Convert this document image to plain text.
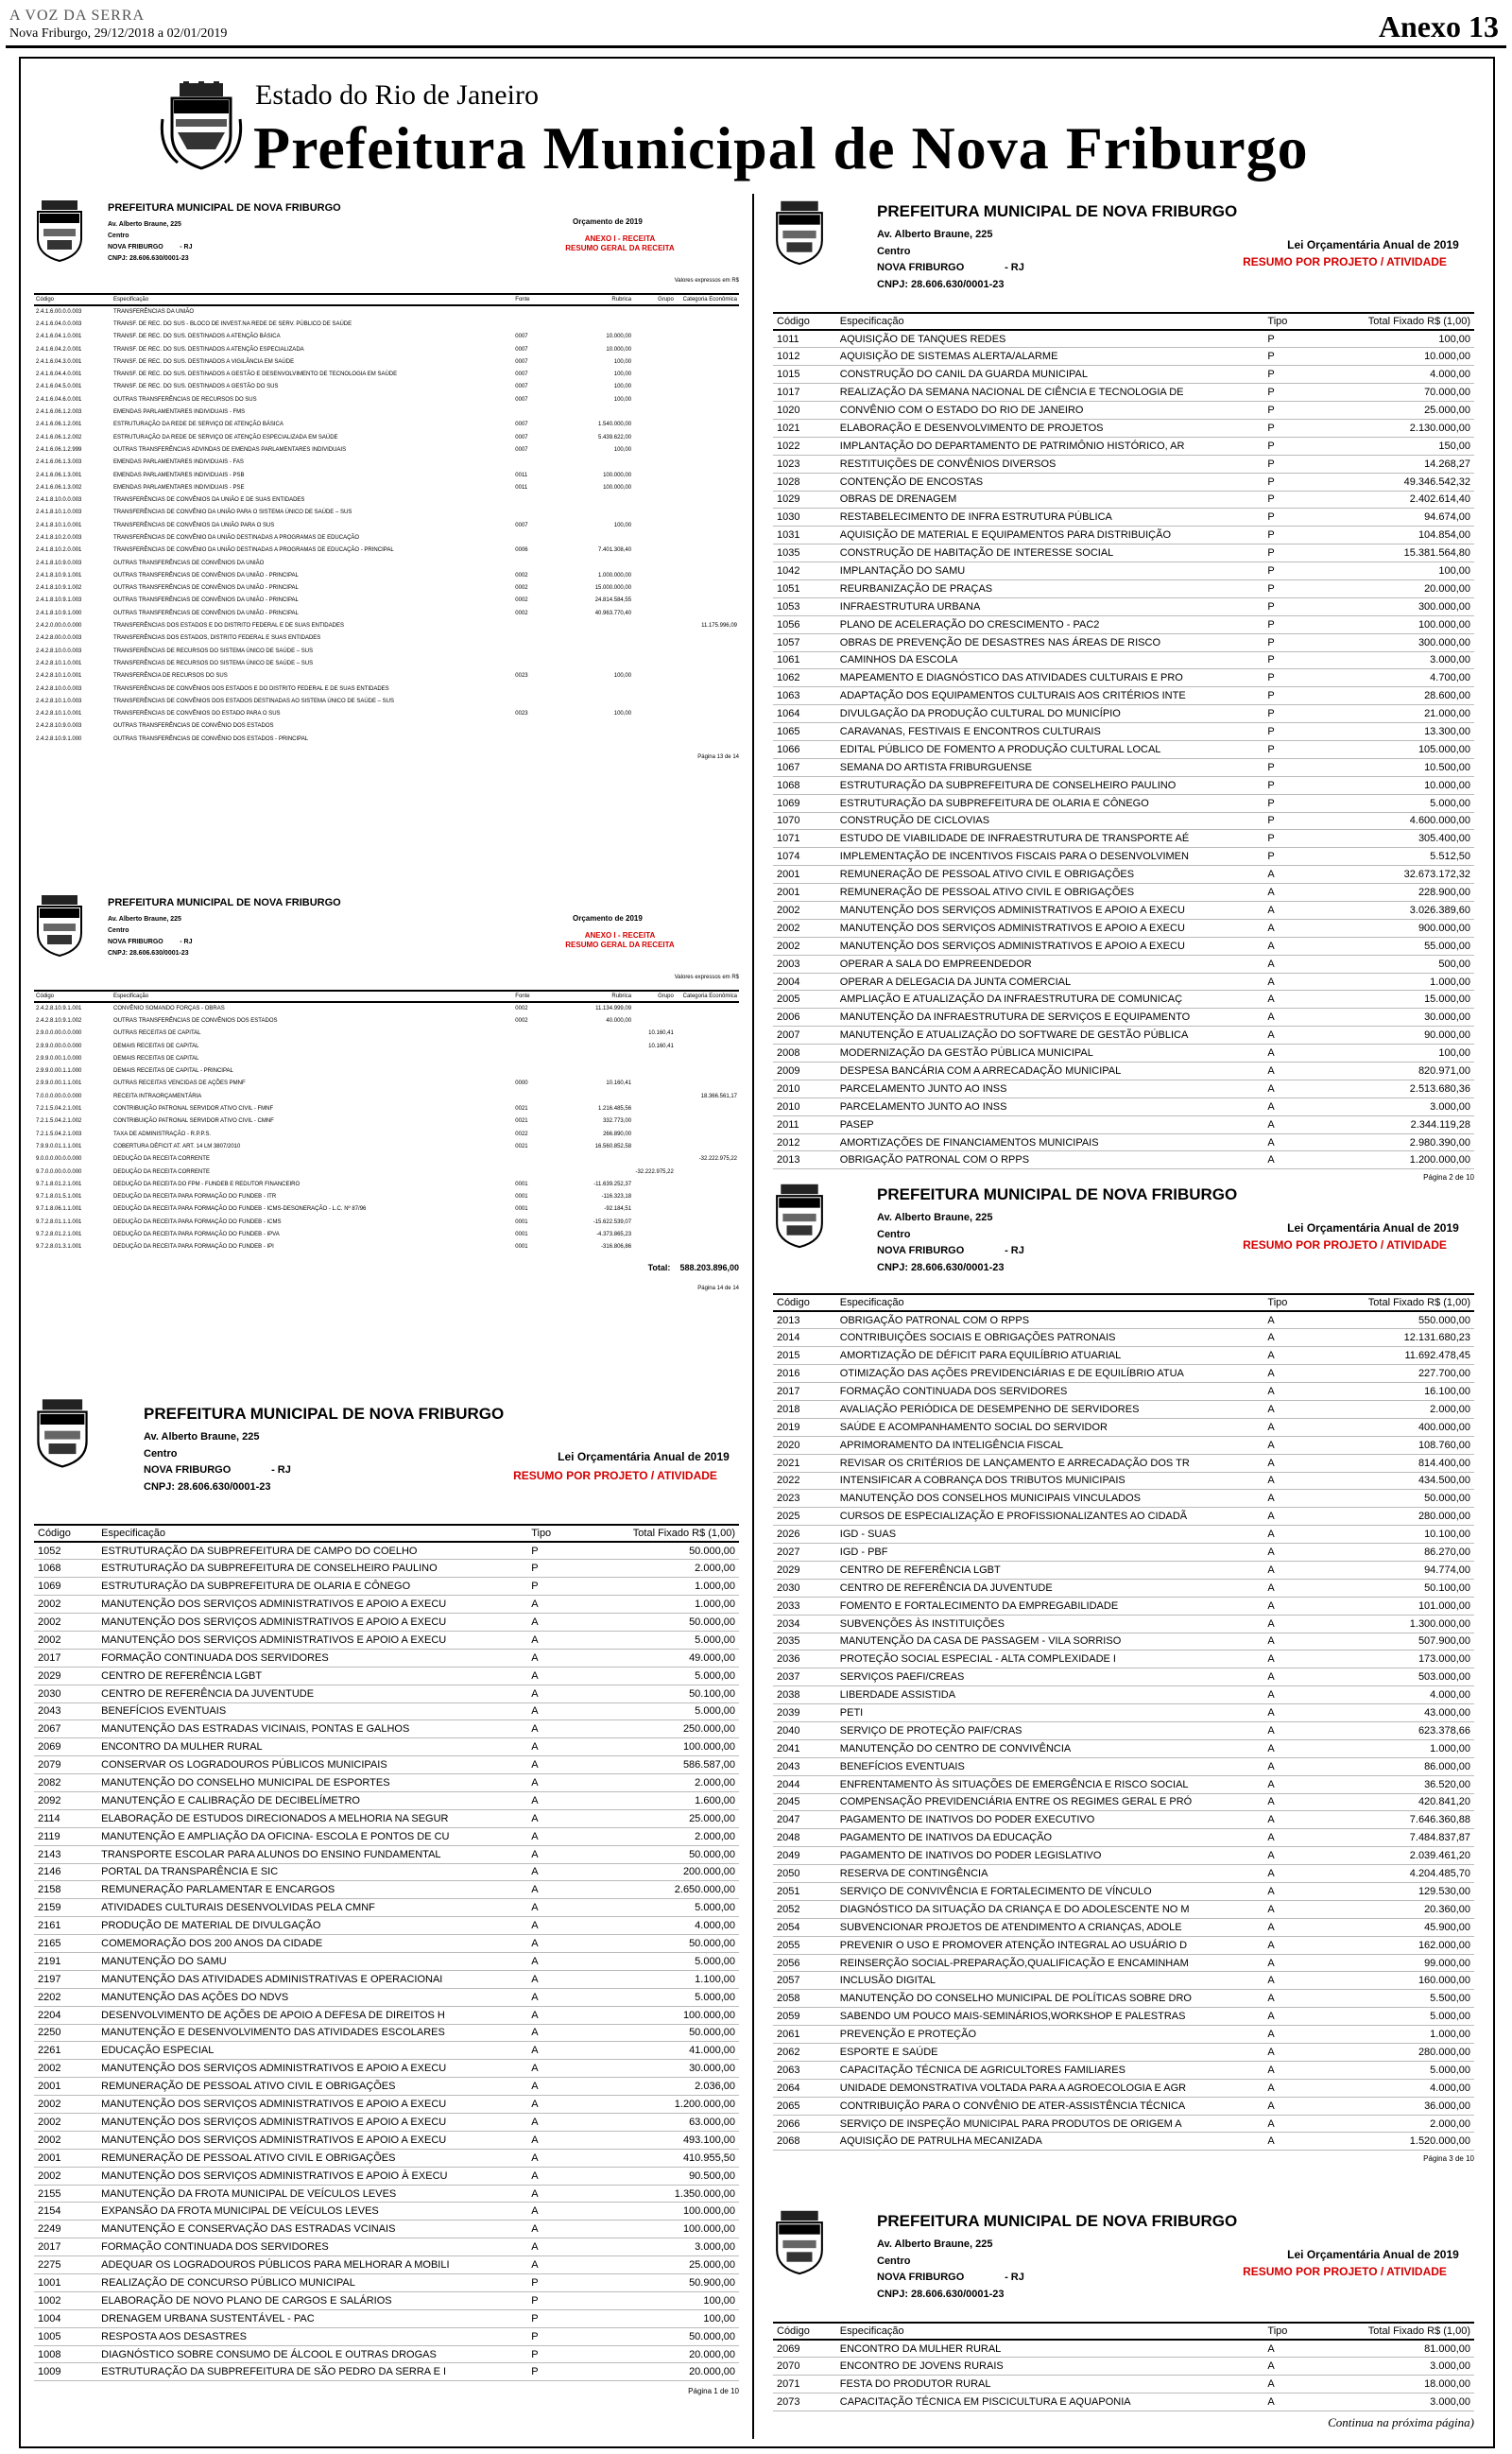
A VOZ DA SERRA
Nova Friburgo, 29/12/2018 a 02/01/2019	Anexo 13
Estado do Rio de Janeiro
Prefeitura Municipal de Nova Friburgo
PREFEITURA MUNICIPAL DE NOVA FRIBURGO
Av. Alberto Braune, 225
Centro
NOVA FRIBURGO	- RJ
CNPJ: 28.606.630/0001-23
Orçamento de 2019
ANEXO I - RECEITA
RESUMO GERAL DA RECEITA
Valores expressos em R$
Código	Especificação	Fonte	Rubrica	Grupo	Categoria Econômica
2.4.1.6.00.0.0.003	TRANSFERÊNCIAS DA UNIÃO				
2.4.1.6.04.0.0.003	TRANSF. DE REC. DO SUS - BLOCO DE INVEST.NA REDE DE SERV. PÚBLICO DE SAÚDE				
2.4.1.6.04.1.0.001	TRANSF. DE REC. DO SUS. DESTINADOS A ATENÇÃO BÁSICA	0007	10.000,00		
2.4.1.6.04.2.0.001	TRANSF. DE REC. DO SUS. DESTINADOS A ATENÇÃO ESPECIALIZADA	0007	10.000,00		
2.4.1.6.04.3.0.001	TRANSF. DE REC. DO SUS. DESTINADOS A VIGILÂNCIA EM SAÚDE	0007	100,00		
2.4.1.6.04.4.0.001	TRANSF. DE REC. DO SUS. DESTINADOS A GESTÃO E DESENVOLVIMENTO DE TECNOLOGIA EM SAÚDE	0007	100,00		
2.4.1.6.04.5.0.001	TRANSF. DE REC. DO SUS. DESTINADOS A GESTÃO DO SUS	0007	100,00		
2.4.1.6.04.6.0.001	OUTRAS TRANSFERÊNCIAS DE RECURSOS DO SUS	0007	100,00		
2.4.1.6.06.1.2.003	EMENDAS PARLAMENTARES INDIVIDUAIS - FMS				
2.4.1.6.06.1.2.001	ESTRUTURAÇÃO DA REDE DE SERVIÇO DE ATENÇÃO BÁSICA	0007	1.540.000,00		
2.4.1.6.06.1.2.002	ESTRUTURAÇÃO DA REDE DE SERVIÇO DE ATENÇÃO ESPECIALIZADA EM SAÚDE	0007	5.439.622,00		
2.4.1.6.06.1.2.999	OUTRAS TRANSFERÊNCIAS ADVINDAS DE EMENDAS PARLAMENTARES INDIVIDUAIS	0007	100,00		
2.4.1.6.06.1.3.003	EMENDAS PARLAMENTARES INDIVIDUAIS - FAS				
2.4.1.6.06.1.3.001	EMENDAS PARLAMENTARES INDIVIDUAIS - PSB	0011	100.000,00		
2.4.1.6.06.1.3.002	EMENDAS PARLAMENTARES INDIVIDUAIS - PSE	0011	100.000,00		
2.4.1.8.10.0.0.003	TRANSFERÊNCIAS DE CONVÊNIOS DA UNIÃO E DE SUAS ENTIDADES				
2.4.1.8.10.1.0.003	TRANSFERÊNCIAS DE CONVÊNIO DA UNIÃO PARA O SISTEMA ÚNICO DE SAÚDE – SUS				
2.4.1.8.10.1.0.001	TRANSFERÊNCIAS DE CONVÊNIOS DA UNIÃO PARA O SUS	0007	100,00		
2.4.1.8.10.2.0.003	TRANSFERÊNCIAS DE CONVÊNIO DA UNIÃO DESTINADAS A PROGRAMAS DE EDUCAÇÃO				
2.4.1.8.10.2.0.001	TRANSFERÊNCIAS DE CONVÊNIO DA UNIÃO DESTINADAS A PROGRAMAS DE EDUCAÇÃO - PRINCIPAL	0006	7.401.308,40		
2.4.1.8.10.9.0.003	OUTRAS TRANSFERÊNCIAS DE CONVÊNIOS DA UNIÃO				
2.4.1.8.10.9.1.001	OUTRAS TRANSFERÊNCIAS DE CONVÊNIOS DA UNIÃO - PRINCIPAL	0002	1.000.000,00		
2.4.1.8.10.9.1.002	OUTRAS TRANSFERÊNCIAS DE CONVÊNIOS DA UNIÃO - PRINCIPAL	0002	15.000.000,00		
2.4.1.8.10.9.1.003	OUTRAS TRANSFERÊNCIAS DE CONVÊNIOS DA UNIÃO - PRINCIPAL	0002	24.814.584,55		
2.4.1.8.10.9.1.000	OUTRAS TRANSFERÊNCIAS DE CONVÊNIOS DA UNIÃO - PRINCIPAL	0002	40.963.770,40		
2.4.2.0.00.0.0.000	TRANSFERÊNCIAS DOS ESTADOS E DO DISTRITO FEDERAL E DE SUAS ENTIDADES				11.175.996,09
2.4.2.8.00.0.0.003	TRANSFERÊNCIAS DOS ESTADOS, DISTRITO FEDERAL E SUAS ENTIDADES				
2.4.2.8.10.0.0.003	TRANSFERÊNCIAS DE RECURSOS DO SISTEMA ÚNICO DE SAÚDE – SUS				
2.4.2.8.10.1.0.001	TRANSFERÊNCIAS DE RECURSOS DO SISTEMA ÚNICO DE SAÚDE – SUS				
2.4.2.8.10.1.0.001	TRANSFERÊNCIA DE RECURSOS DO SUS	0023	100,00		
2.4.2.8.10.0.0.003	TRANSFERÊNCIAS DE CONVÊNIOS DOS ESTADOS E DO DISTRITO FEDERAL E DE SUAS ENTIDADES				
2.4.2.8.10.1.0.003	TRANSFERÊNCIAS DE CONVÊNIOS DOS ESTADOS DESTINADAS AO SISTEMA ÚNICO DE SAÚDE – SUS				
2.4.2.8.10.1.0.001	TRANSFERÊNCIAS DE CONVÊNIOS DO ESTADO PARA O SUS	0023	100,00		
2.4.2.8.10.9.0.003	OUTRAS TRANSFERÊNCIAS DE CONVÊNIO DOS ESTADOS				
2.4.2.8.10.9.1.000	OUTRAS TRANSFERÊNCIAS DE CONVÊNIO DOS ESTADOS - PRINCIPAL				
Página 13 de 14
PREFEITURA MUNICIPAL DE NOVA FRIBURGO
Av. Alberto Braune, 225
Centro
NOVA FRIBURGO	- RJ
CNPJ: 28.606.630/0001-23
Orçamento de 2019
ANEXO I - RECEITA
RESUMO GERAL DA RECEITA
Valores expressos em R$
Código	Especificação	Fonte	Rubrica	Grupo	Categoria Econômica
2.4.2.8.10.9.1.001	CONVÊNIO SOMANDO FORÇAS - OBRAS	0002	11.134.999,09		
2.4.2.8.10.9.1.002	OUTRAS TRANSFERÊNCIAS DE CONVÊNIOS DOS ESTADOS	0002	40.000,00		
2.9.0.0.00.0.0.000	OUTRAS RECEITAS DE CAPITAL			10.160,41	
2.9.9.0.00.0.0.000	DEMAIS RECEITAS DE CAPITAL			10.160,41	
2.9.9.0.00.1.0.000	DEMAIS RECEITAS DE CAPITAL				
2.9.9.0.00.1.1.000	DEMAIS RECEITAS DE CAPITAL - PRINCIPAL				
2.9.9.0.00.1.1.001	OUTRAS RECEITAS VENCIDAS DE AÇÕES PMNF	0000	10.160,41		
7.0.0.0.00.0.0.000	RECEITA INTRAORÇAMENTÁRIA				18.366.561,17
7.2.1.5.04.2.1.001	CONTRIBUIÇÃO PATRONAL SERVIDOR ATIVO CIVIL - FMNF	0021	1.216.485,56		
7.2.1.5.04.2.1.002	CONTRIBUIÇÃO PATRONAL SERVIDOR ATIVO CIVIL - CMNF	0021	332.773,00		
7.2.1.5.04.2.1.003	TAXA DE ADMINISTRAÇÃO - R.P.P.S.	0022	266.890,00		
7.9.9.0.01.1.1.001	COBERTURA DÉFICIT AT. ART. 14 LM 3807/2010	0021	16.560.852,58		
9.0.0.0.00.0.0.000	DEDUÇÃO DA RECEITA CORRENTE				-32.222.975,22
9.7.0.0.00.0.0.000	DEDUÇÃO DA RECEITA CORRENTE			-32.222.975,22	
9.7.1.8.01.2.1.001	DEDUÇÃO DA RECEITA DO FPM - FUNDEB E REDUTOR FINANCEIRO	0001	-11.639.252,37		
9.7.1.8.01.5.1.001	DEDUÇÃO DA RECEITA PARA FORMAÇÃO DO FUNDEB - ITR	0001	-116.323,18		
9.7.1.8.06.1.1.001	DEDUÇÃO DA RECEITA PARA FORMAÇÃO DO FUNDEB - ICMS-DESONERAÇÃO - L.C. Nº 87/96	0001	-92.184,51		
9.7.2.8.01.1.1.001	DEDUÇÃO DA RECEITA PARA FORMAÇÃO DO FUNDEB - ICMS	0001	-15.622.539,07		
9.7.2.8.01.2.1.001	DEDUÇÃO DA RECEITA PARA FORMAÇÃO DO FUNDEB - IPVA	0001	-4.373.865,23		
9.7.2.8.01.3.1.001	DEDUÇÃO DA RECEITA PARA FORMAÇÃO DO FUNDEB - IPI	0001	-316.806,86		
Total: 588.203.896,00
Página 14 de 14
PREFEITURA MUNICIPAL DE NOVA FRIBURGO
Av. Alberto Braune, 225
Centro
NOVA FRIBURGO	- RJ
CNPJ: 28.606.630/0001-23
Lei Orçamentária Anual de 2019
RESUMO POR PROJETO / ATIVIDADE
Código	Especificação	Tipo	Total Fixado R$ (1,00)
1052	ESTRUTURAÇÃO DA SUBPREFEITURA DE CAMPO DO COELHO	P	50.000,00
1068	ESTRUTURAÇÃO DA SUBPREFEITURA DE CONSELHEIRO PAULINO	P	2.000,00
1069	ESTRUTURAÇÃO DA SUBPREFEITURA DE OLARIA E CÔNEGO	P	1.000,00
2002	MANUTENÇÃO DOS SERVIÇOS ADMINISTRATIVOS E APOIO A EXECU	A	1.000,00
2002	MANUTENÇÃO DOS SERVIÇOS ADMINISTRATIVOS E APOIO A EXECU	A	50.000,00
2002	MANUTENÇÃO DOS SERVIÇOS ADMINISTRATIVOS E APOIO A EXECU	A	5.000,00
2017	FORMAÇÃO CONTINUADA DOS SERVIDORES	A	49.000,00
2029	CENTRO DE REFERÊNCIA LGBT	A	5.000,00
2030	CENTRO DE REFERÊNCIA DA JUVENTUDE	A	50.100,00
2043	BENEFÍCIOS EVENTUAIS	A	5.000,00
2067	MANUTENÇÃO DAS ESTRADAS VICINAIS, PONTAS E GALHOS	A	250.000,00
2069	ENCONTRO DA MULHER RURAL	A	100.000,00
2079	CONSERVAR OS LOGRADOUROS PÚBLICOS MUNICIPAIS	A	586.587,00
2082	MANUTENÇÃO DO CONSELHO MUNICIPAL DE ESPORTES	A	2.000,00
2092	MANUTENÇÃO E CALIBRAÇÃO DE DECIBELÍMETRO	A	1.600,00
2114	ELABORAÇÃO DE ESTUDOS DIRECIONADOS A MELHORIA NA SEGUR	A	25.000,00
2119	MANUTENÇÃO E AMPLIAÇÃO DA OFICINA- ESCOLA E PONTOS DE CU	A	2.000,00
2143	TRANSPORTE ESCOLAR PARA ALUNOS DO ENSINO FUNDAMENTAL	A	50.000,00
2146	PORTAL DA TRANSPARÊNCIA E SIC	A	200.000,00
2158	REMUNERAÇÃO PARLAMENTAR E ENCARGOS	A	2.650.000,00
2159	ATIVIDADES CULTURAIS DESENVOLVIDAS PELA CMNF	A	5.000,00
2161	PRODUÇÃO DE MATERIAL DE DIVULGAÇÃO	A	4.000,00
2165	COMEMORAÇÃO DOS 200 ANOS DA CIDADE	A	50.000,00
2191	MANUTENÇÃO DO SAMU	A	5.000,00
2197	MANUTENÇÃO DAS ATIVIDADES ADMINISTRATIVAS E OPERACIONAI	A	1.100,00
2202	MANUTENÇÃO DAS AÇÕES DO NDVS	A	5.000,00
2204	DESENVOLVIMENTO DE AÇÕES DE APOIO A DEFESA DE DIREITOS H	A	100.000,00
2250	MANUTENÇÃO E DESENVOLVIMENTO DAS ATIVIDADES ESCOLARES	A	50.000,00
2261	EDUCAÇÃO ESPECIAL	A	41.000,00
2002	MANUTENÇÃO DOS SERVIÇOS ADMINISTRATIVOS E APOIO A EXECU	A	30.000,00
2001	REMUNERAÇÃO DE PESSOAL ATIVO CIVIL E OBRIGAÇÕES	A	2.036,00
2002	MANUTENÇÃO DOS SERVIÇOS ADMINISTRATIVOS E APOIO A EXECU	A	1.200.000,00
2002	MANUTENÇÃO DOS SERVIÇOS ADMINISTRATIVOS E APOIO A EXECU	A	63.000,00
2002	MANUTENÇÃO DOS SERVIÇOS ADMINISTRATIVOS E APOIO A EXECU	A	493.100,00
2001	REMUNERAÇÃO DE PESSOAL ATIVO CIVIL E OBRIGAÇÕES	A	410.955,50
2002	MANUTENÇÃO DOS SERVIÇOS ADMINISTRATIVOS E APOIO À EXECU	A	90.500,00
2155	MANUTENÇÃO DA FROTA MUNICIPAL DE VEÍCULOS LEVES	A	1.350.000,00
2154	EXPANSÃO DA FROTA MUNICIPAL DE VEÍCULOS LEVES	A	100.000,00
2249	MANUTENÇÃO E CONSERVAÇÃO DAS ESTRADAS VCINAIS	A	100.000,00
2017	FORMAÇÃO CONTINUADA DOS SERVIDORES	A	3.000,00
2275	ADEQUAR OS LOGRADOUROS PÚBLICOS PARA MELHORAR A MOBILI	A	25.000,00
1001	REALIZAÇÃO DE CONCURSO PÚBLICO MUNICIPAL	P	50.900,00
1002	ELABORAÇÃO DE NOVO PLANO DE CARGOS E SALÁRIOS	P	100,00
1004	DRENAGEM URBANA SUSTENTÁVEL - PAC	P	100,00
1005	RESPOSTA AOS DESASTRES	P	50.000,00
1008	DIAGNÓSTICO SOBRE CONSUMO DE ÁLCOOL E OUTRAS DROGAS	P	20.000,00
1009	ESTRUTURAÇÃO DA SUBPREFEITURA DE SÃO PEDRO DA SERRA E I	P	20.000,00
Página 1 de 10
PREFEITURA MUNICIPAL DE NOVA FRIBURGO
Av. Alberto Braune, 225
Centro
NOVA FRIBURGO	- RJ
CNPJ: 28.606.630/0001-23
Lei Orçamentária Anual de 2019
RESUMO POR PROJETO / ATIVIDADE
Código	Especificação	Tipo	Total Fixado R$ (1,00)
1011	AQUISIÇÃO DE TANQUES REDES	P	100,00
1012	AQUISIÇÃO DE SISTEMAS ALERTA/ALARME	P	10.000,00
1015	CONSTRUÇÃO DO CANIL DA GUARDA MUNICIPAL	P	4.000,00
1017	REALIZAÇÃO DA SEMANA NACIONAL DE CIÊNCIA E TECNOLOGIA DE	P	70.000,00
1020	CONVÊNIO COM O ESTADO DO RIO DE JANEIRO	P	25.000,00
1021	ELABORAÇÃO E DESENVOLVIMENTO DE PROJETOS	P	2.130.000,00
1022	IMPLANTAÇÃO DO DEPARTAMENTO DE PATRIMÔNIO HISTÓRICO, AR	P	150,00
1023	RESTITUIÇÕES DE CONVÊNIOS DIVERSOS	P	14.268,27
1028	CONTENÇÃO DE ENCOSTAS	P	49.346.542,32
1029	OBRAS DE DRENAGEM	P	2.402.614,40
1030	RESTABELECIMENTO DE INFRA ESTRUTURA PÚBLICA	P	94.674,00
1031	AQUISIÇÃO DE MATERIAL E EQUIPAMENTOS PARA DISTRIBUIÇÃO	P	104.854,00
1035	CONSTRUÇÃO DE HABITAÇÃO DE INTERESSE SOCIAL	P	15.381.564,80
1042	IMPLANTAÇÃO DO SAMU	P	100,00
1051	REURBANIZAÇÃO DE PRAÇAS	P	20.000,00
1053	INFRAESTRUTURA URBANA	P	300.000,00
1056	PLANO DE ACELERAÇÃO DO CRESCIMENTO - PAC2	P	100.000,00
1057	OBRAS DE PREVENÇÃO DE DESASTRES NAS ÁREAS DE RISCO	P	300.000,00
1061	CAMINHOS DA ESCOLA	P	3.000,00
1062	MAPEAMENTO E DIAGNÓSTICO DAS ATIVIDADES CULTURAIS E PRO	P	4.700,00
1063	ADAPTAÇÃO DOS EQUIPAMENTOS CULTURAIS AOS CRITÉRIOS INTE	P	28.600,00
1064	DIVULGAÇÃO DA PRODUÇÃO CULTURAL DO MUNICÍPIO	P	21.000,00
1065	CARAVANAS, FESTIVAIS E ENCONTROS CULTURAIS	P	13.300,00
1066	EDITAL PÚBLICO DE FOMENTO A PRODUÇÃO CULTURAL LOCAL	P	105.000,00
1067	SEMANA DO ARTISTA FRIBURGUENSE	P	10.500,00
1068	ESTRUTURAÇÃO DA SUBPREFEITURA DE CONSELHEIRO PAULINO	P	10.000,00
1069	ESTRUTURAÇÃO DA SUBPREFEITURA DE OLARIA E CÔNEGO	P	5.000,00
1070	CONSTRUÇÃO DE CICLOVIAS	P	4.600.000,00
1071	ESTUDO DE VIABILIDADE DE INFRAESTRUTURA DE TRANSPORTE AÉ	P	305.400,00
1074	IMPLEMENTAÇÃO DE INCENTIVOS FISCAIS PARA O DESENVOLVIMEN	P	5.512,50
2001	REMUNERAÇÃO DE PESSOAL ATIVO CIVIL E OBRIGAÇÕES	A	32.673.172,32
2001	REMUNERAÇÃO DE PESSOAL ATIVO CIVIL E OBRIGAÇÕES	A	228.900,00
2002	MANUTENÇÃO DOS SERVIÇOS ADMINISTRATIVOS E APOIO A EXECU	A	3.026.389,60
2002	MANUTENÇÃO DOS SERVIÇOS ADMINISTRATIVOS E APOIO A EXECU	A	900.000,00
2002	MANUTENÇÃO DOS SERVIÇOS ADMINISTRATIVOS E APOIO A EXECU	A	55.000,00
2003	OPERAR A SALA DO EMPREENDEDOR	A	500,00
2004	OPERAR A DELEGACIA DA JUNTA COMERCIAL	A	1.000,00
2005	AMPLIAÇÃO E ATUALIZAÇÃO DA INFRAESTRUTURA DE COMUNICAÇ	A	15.000,00
2006	MANUTENÇÃO DA INFRAESTRUTURA DE SERVIÇOS E EQUIPAMENTO	A	30.000,00
2007	MANUTENÇÃO E ATUALIZAÇÃO DO SOFTWARE DE GESTÃO PÚBLICA	A	90.000,00
2008	MODERNIZAÇÃO DA GESTÃO PÚBLICA MUNICIPAL	A	100,00
2009	DESPESA BANCÁRIA COM A ARRECADAÇÃO MUNICIPAL	A	820.971,00
2010	PARCELAMENTO JUNTO AO INSS	A	2.513.680,36
2010	PARCELAMENTO JUNTO AO INSS	A	3.000,00
2011	PASEP	A	2.344.119,28
2012	AMORTIZAÇÕES DE FINANCIAMENTOS MUNICIPAIS	A	2.980.390,00
2013	OBRIGAÇÃO PATRONAL COM O RPPS	A	1.200.000,00
Página 2 de 10
PREFEITURA MUNICIPAL DE NOVA FRIBURGO
Av. Alberto Braune, 225
Centro
NOVA FRIBURGO	- RJ
CNPJ: 28.606.630/0001-23
Lei Orçamentária Anual de 2019
RESUMO POR PROJETO / ATIVIDADE
Código	Especificação	Tipo	Total Fixado R$ (1,00)
2013	OBRIGAÇÃO PATRONAL COM O RPPS	A	550.000,00
2014	CONTRIBUIÇÕES SOCIAIS E OBRIGAÇÕES PATRONAIS	A	12.131.680,23
2015	AMORTIZAÇÃO DE DÉFICIT PARA EQUILÍBRIO ATUARIAL	A	11.692.478,45
2016	OTIMIZAÇÃO DAS AÇÕES PREVIDENCIÁRIAS E DE EQUILÍBRIO ATUA	A	227.700,00
2017	FORMAÇÃO CONTINUADA DOS SERVIDORES	A	16.100,00
2018	AVALIAÇÃO PERIÓDICA DE DESEMPENHO DE SERVIDORES	A	2.000,00
2019	SAÚDE E ACOMPANHAMENTO SOCIAL DO SERVIDOR	A	400.000,00
2020	APRIMORAMENTO DA INTELIGÊNCIA FISCAL	A	108.760,00
2021	REVISAR OS CRITÉRIOS DE LANÇAMENTO E ARRECADAÇÃO DOS TR	A	814.400,00
2022	INTENSIFICAR A COBRANÇA DOS TRIBUTOS MUNICIPAIS	A	434.500,00
2023	MANUTENÇÃO DOS CONSELHOS MUNICIPAIS VINCULADOS	A	50.000,00
2025	CURSOS DE ESPECIALIZAÇÃO E PROFISSIONALIZANTES AO CIDADÃ	A	280.000,00
2026	IGD - SUAS	A	10.100,00
2027	IGD - PBF	A	86.270,00
2029	CENTRO DE REFERÊNCIA LGBT	A	94.774,00
2030	CENTRO DE REFERÊNCIA DA JUVENTUDE	A	50.100,00
2033	FOMENTO E FORTALECIMENTO DA EMPREGABILIDADE	A	101.000,00
2034	SUBVENÇÕES ÀS INSTITUIÇÕES	A	1.300.000,00
2035	MANUTENÇÃO DA CASA DE PASSAGEM - VILA SORRISO	A	507.900,00
2036	PROTEÇÃO SOCIAL ESPECIAL - ALTA COMPLEXIDADE I	A	173.000,00
2037	SERVIÇOS PAEFI/CREAS	A	503.000,00
2038	LIBERDADE ASSISTIDA	A	4.000,00
2039	PETI	A	43.000,00
2040	SERVIÇO DE PROTEÇÃO PAIF/CRAS	A	623.378,66
2041	MANUTENÇÃO DO CENTRO DE CONVIVÊNCIA	A	1.000,00
2043	BENEFÍCIOS EVENTUAIS	A	86.000,00
2044	ENFRENTAMENTO ÀS SITUAÇÕES DE EMERGÊNCIA E RISCO SOCIAL	A	36.520,00
2045	COMPENSAÇÃO PREVIDENCIÁRIA ENTRE OS REGIMES GERAL E PRÓ	A	420.841,20
2047	PAGAMENTO DE INATIVOS DO PODER EXECUTIVO	A	7.646.360,88
2048	PAGAMENTO DE INATIVOS DA EDUCAÇÃO	A	7.484.837,87
2049	PAGAMENTO DE INATIVOS DO PODER LEGISLATIVO	A	2.039.461,20
2050	RESERVA DE CONTINGÊNCIA	A	4.204.485,70
2051	SERVIÇO DE CONVIVÊNCIA E FORTALECIMENTO DE VÍNCULO	A	129.530,00
2052	DIAGNÓSTICO DA SITUAÇÃO DA CRIANÇA E DO ADOLESCENTE NO M	A	20.360,00
2054	SUBVENCIONAR PROJETOS DE ATENDIMENTO A CRIANÇAS, ADOLE	A	45.900,00
2055	PREVENIR O USO E PROMOVER ATENÇÃO INTEGRAL AO USUÁRIO D	A	162.000,00
2056	REINSERÇÃO SOCIAL-PREPARAÇÃO,QUALIFICAÇÃO E ENCAMINHAM	A	99.000,00
2057	INCLUSÃO DIGITAL	A	160.000,00
2058	MANUTENÇÃO DO CONSELHO MUNICIPAL DE POLÍTICAS SOBRE DRO	A	5.500,00
2059	SABENDO UM POUCO MAIS-SEMINÁRIOS,WORKSHOP E PALESTRAS	A	5.000,00
2061	PREVENÇÃO E PROTEÇÃO	A	1.000,00
2062	ESPORTE E SAÚDE	A	280.000,00
2063	CAPACITAÇÃO TÉCNICA DE AGRICULTORES FAMILIARES	A	5.000,00
2064	UNIDADE DEMONSTRATIVA VOLTADA PARA A AGROECOLOGIA E AGR	A	4.000,00
2065	CONTRIBUIÇÃO PARA O CONVÊNIO DE ATER-ASSISTÊNCIA TÉCNICA	A	36.000,00
2066	SERVIÇO DE INSPEÇÃO MUNICIPAL PARA PRODUTOS DE ORIGEM A	A	2.000,00
2068	AQUISIÇÃO DE PATRULHA MECANIZADA	A	1.520.000,00
Página 3 de 10
PREFEITURA MUNICIPAL DE NOVA FRIBURGO
Av. Alberto Braune, 225
Centro
NOVA FRIBURGO	- RJ
CNPJ: 28.606.630/0001-23
Lei Orçamentária Anual de 2019
RESUMO POR PROJETO / ATIVIDADE
Código	Especificação	Tipo	Total Fixado R$ (1,00)
2069	ENCONTRO DA MULHER RURAL	A	81.000,00
2070	ENCONTRO DE JOVENS RURAIS	A	3.000,00
2071	FESTA DO PRODUTOR RURAL	A	18.000,00
2073	CAPACITAÇÃO TÉCNICA EM PISCICULTURA E AQUAPONIA	A	3.000,00
Continua na próxima página)
